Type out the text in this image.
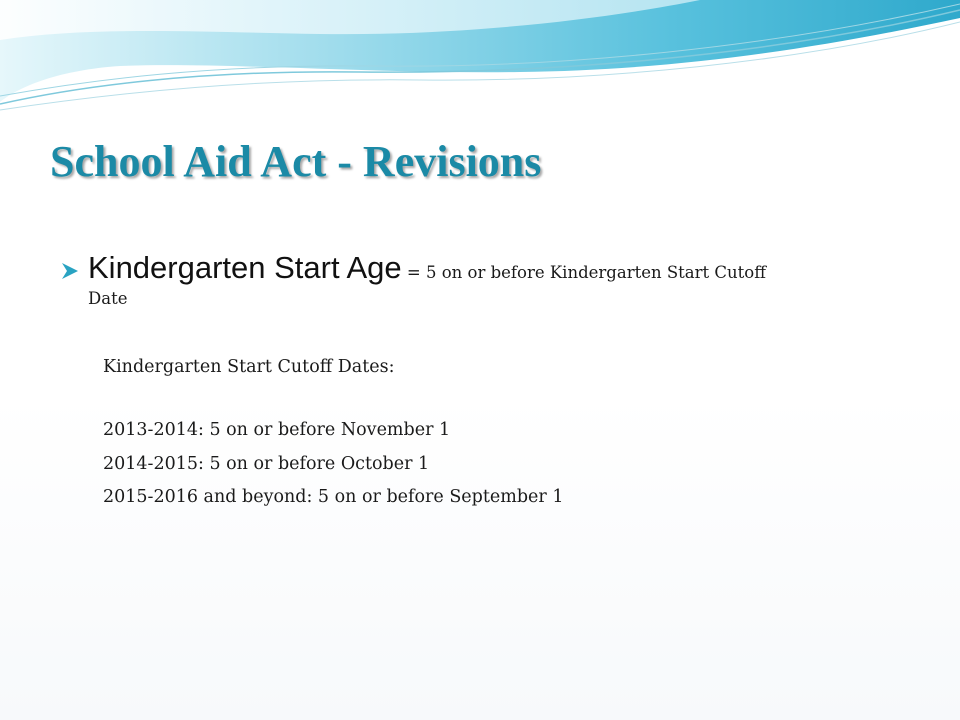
School Aid Act - Revisions
Kindergarten Start Age = 5 on or before Kindergarten Start Cutoff
Date

Kindergarten Start Cutoff Dates:

2013-2014: 5 on or before November 1

2014-2015: 5 on or before October 1

2015-2016 and beyond: 5 on or before September 1
